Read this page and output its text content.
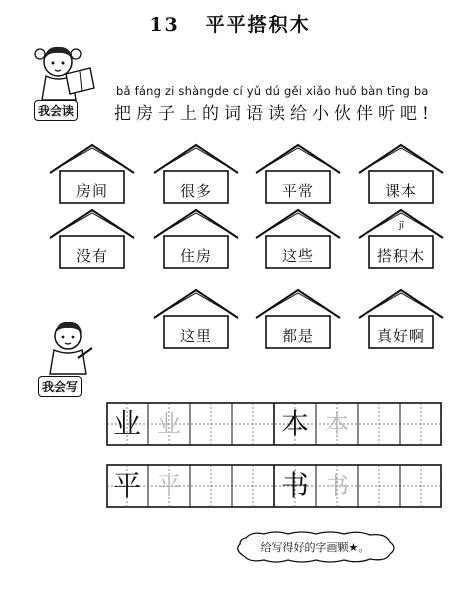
13 平平搭积木
我会读
bǎ fáng zi shàngde cí yǔ dú gěi xiǎo huǒ bàn tīng ba
把房子上的词语读给小伙伴听吧!
房间	很多	平常	课本
没有	住房	这些	搭积木
jī
这里	都是	真好啊
我会写
业 业	本 本
平 平	书 书
给写得好的字画颗★。
